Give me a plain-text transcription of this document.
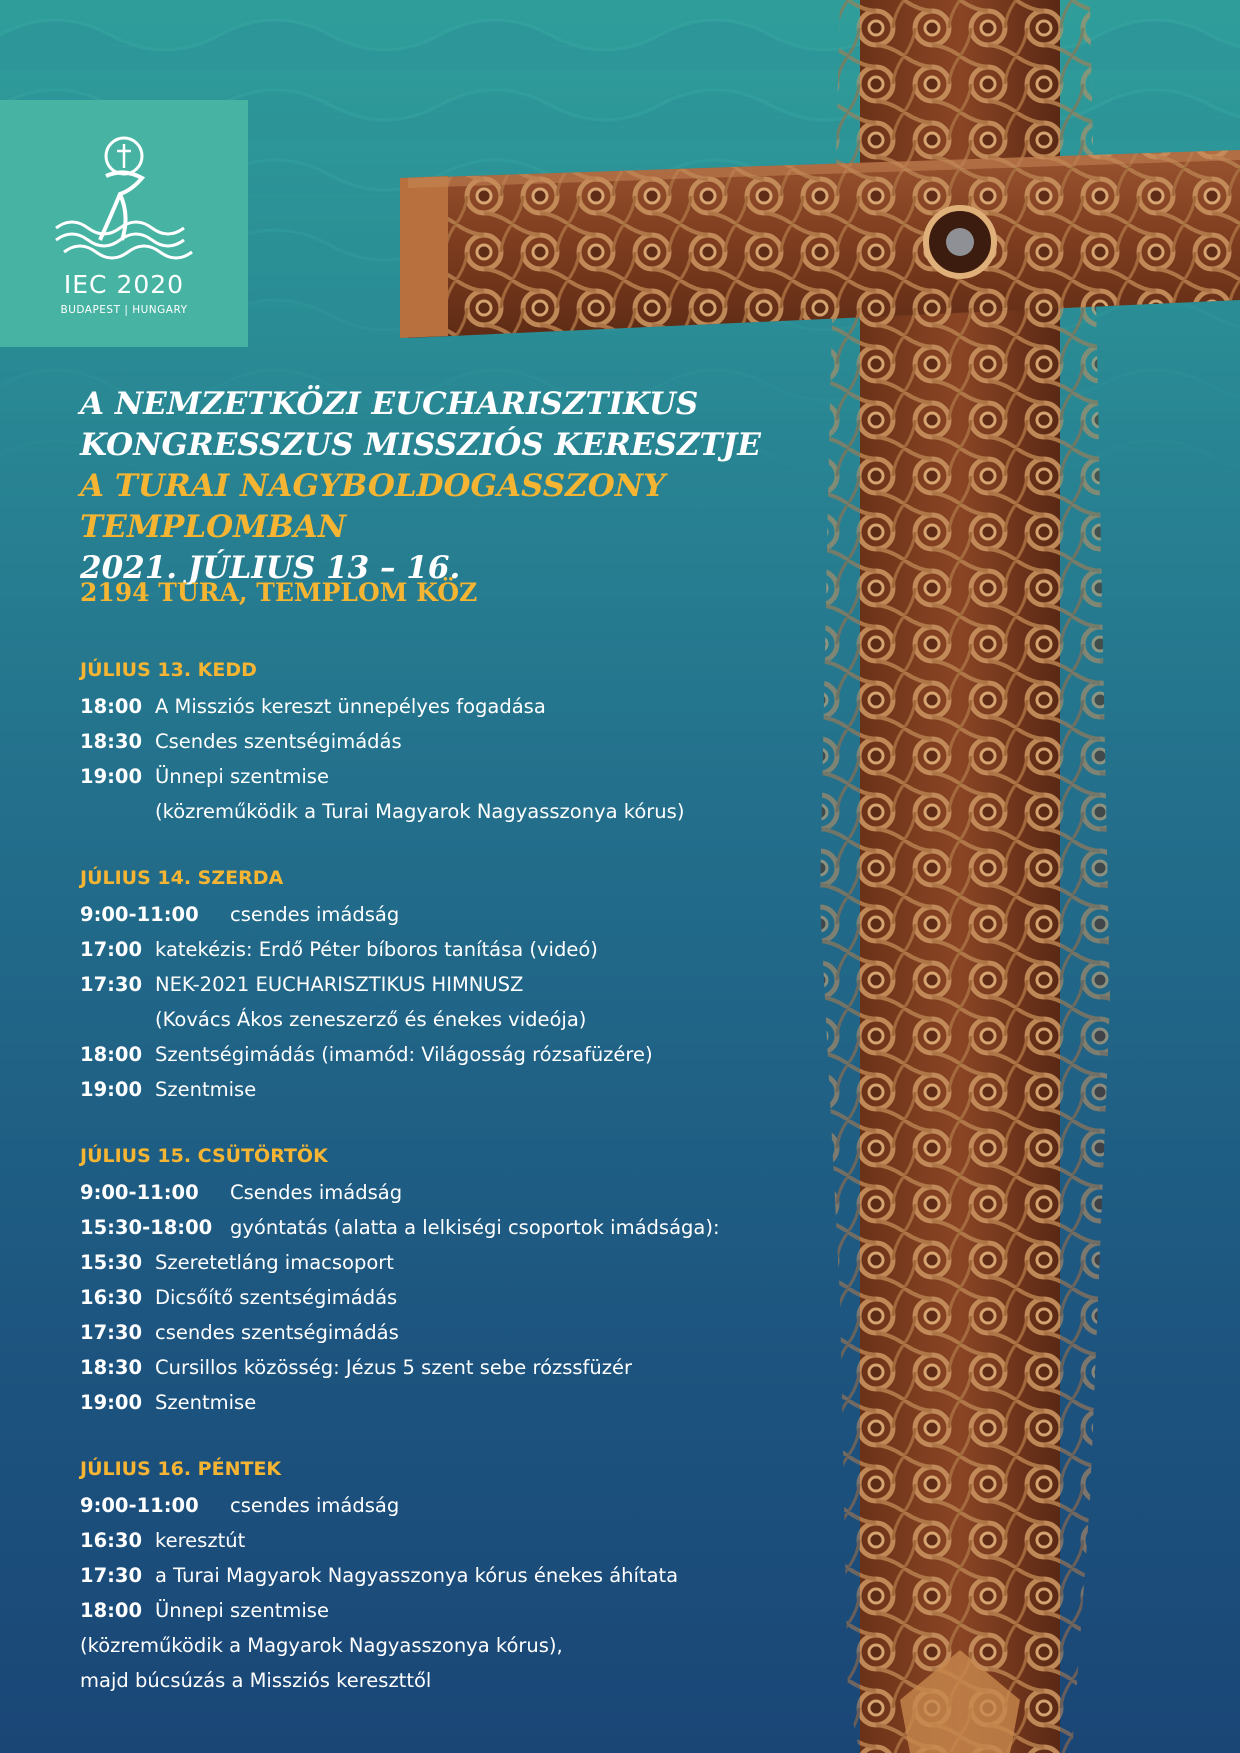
IEC 2020
BUDAPEST | HUNGARY
A NEMZETKÖZI EUCHARISZTIKUS
KONGRESSZUS MISSZIÓS KERESZTJE
A TURAI NAGYBOLDOGASSZONY TEMPLOMBAN
2021. JÚLIUS 13 – 16.
2194 TURA, TEMPLOM KÖZ
JÚLIUS 13. KEDD
18:00 A Missziós kereszt ünnepélyes fogadása
18:30 Csendes szentségimádás
19:00 Ünnepi szentmise
(közreműködik a Turai Magyarok Nagyasszonya kórus)
JÚLIUS 14. SZERDA
9:00-11:00	csendes imádság
17:00 katekézis: Erdő Péter bíboros tanítása (videó)
17:30 NEK-2021 EUCHARISZTIKUS HIMNUSZ
(Kovács Ákos zeneszerző és énekes videója)
18:00 Szentségimádás (imamód: Világosság rózsafüzére)
19:00 Szentmise
JÚLIUS 15. CSÜTÖRTÖK
9:00-11:00	Csendes imádság
15:30-18:00 gyóntatás (alatta a lelkiségi csoportok imádsága):
15:30 Szeretetláng imacsoport
16:30 Dicsőítő szentségimádás
17:30 csendes szentségimádás
18:30 Cursillos közösség: Jézus 5 szent sebe rózssfüzér
19:00 Szentmise
JÚLIUS 16. PÉNTEK
9:00-11:00	csendes imádság
16:30 keresztút
17:30 a Turai Magyarok Nagyasszonya kórus énekes áhítata
18:00 Ünnepi szentmise
(közreműködik a Magyarok Nagyasszonya kórus),
majd búcsúzás a Missziós kereszttől
